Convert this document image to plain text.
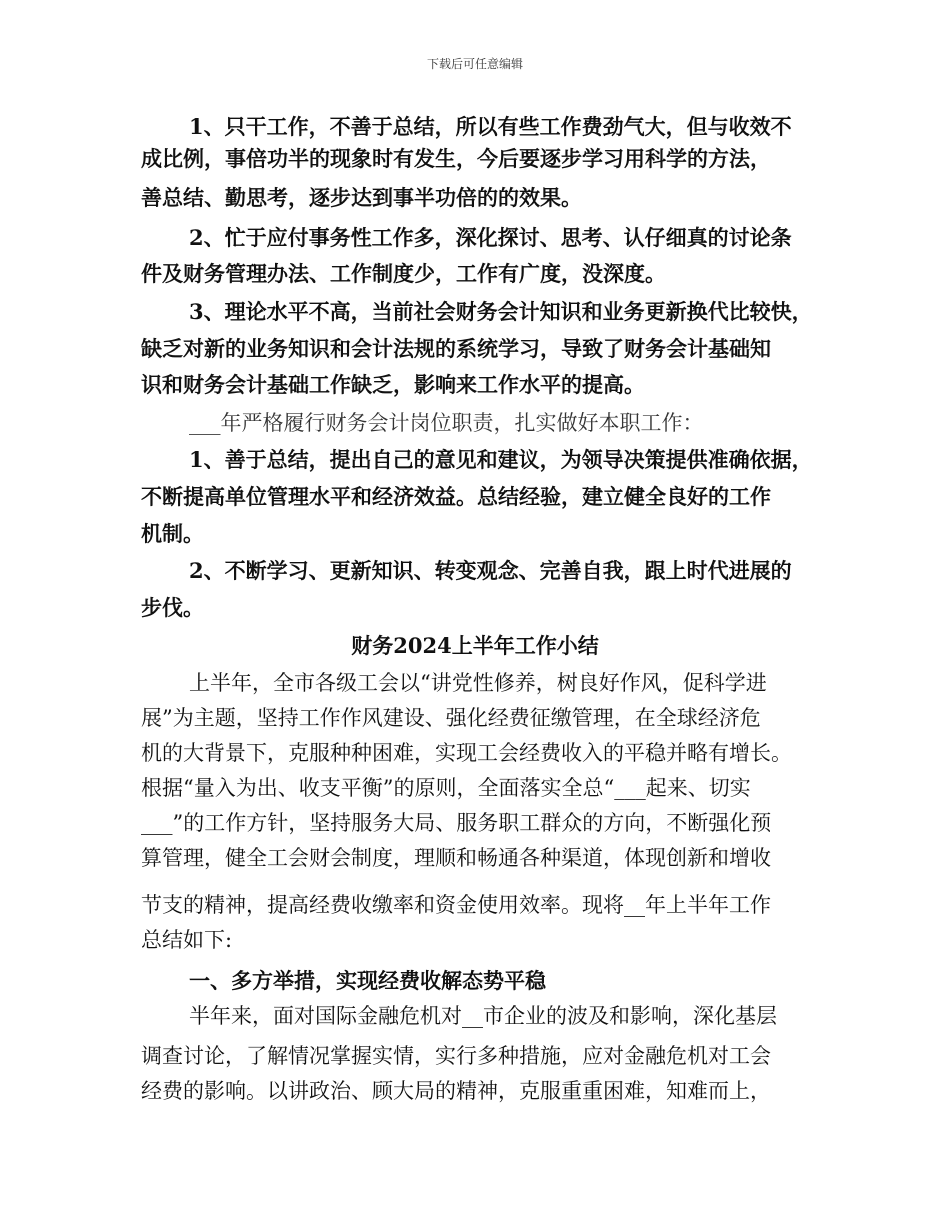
下载后可任意编辑
1、只干工作，不善于总结，所以有些工作费劲气大，但与收效不
成比例，事倍功半的现象时有发生，今后要逐步学习用科学的方法，
善总结、勤思考，逐步达到事半功倍的的效果。
2、忙于应付事务性工作多，深化探讨、思考、认仔细真的讨论条
件及财务管理办法、工作制度少，工作有广度，没深度。
3、理论水平不高，当前社会财务会计知识和业务更新换代比较快，
缺乏对新的业务知识和会计法规的系统学习，导致了财务会计基础知
识和财务会计基础工作缺乏，影响来工作水平的提高。
___年严格履行财务会计岗位职责，扎实做好本职工作：
1、善于总结，提出自己的意见和建议，为领导决策提供准确依据，
不断提高单位管理水平和经济效益。总结经验，建立健全良好的工作
机制。
2、不断学习、更新知识、转变观念、完善自我，跟上时代进展的
步伐。
财务2024上半年工作小结
上半年，全市各级工会以“讲党性修养，树良好作风，促科学进
展”为主题，坚持工作作风建设、强化经费征缴管理，在全球经济危
机的大背景下，克服种种困难，实现工会经费收入的平稳并略有增长。
根据“量入为出、收支平衡”的原则，全面落实全总“___起来、切实
___”的工作方针，坚持服务大局、服务职工群众的方向，不断强化预
算管理，健全工会财会制度，理顺和畅通各种渠道，体现创新和增收
节支的精神，提高经费收缴率和资金使用效率。现将__年上半年工作
总结如下:
一、多方举措，实现经费收解态势平稳
半年来，面对国际金融危机对__市企业的波及和影响，深化基层
调查讨论，了解情况掌握实情，实行多种措施，应对金融危机对工会
经费的影响。以讲政治、顾大局的精神，克服重重困难，知难而上，
